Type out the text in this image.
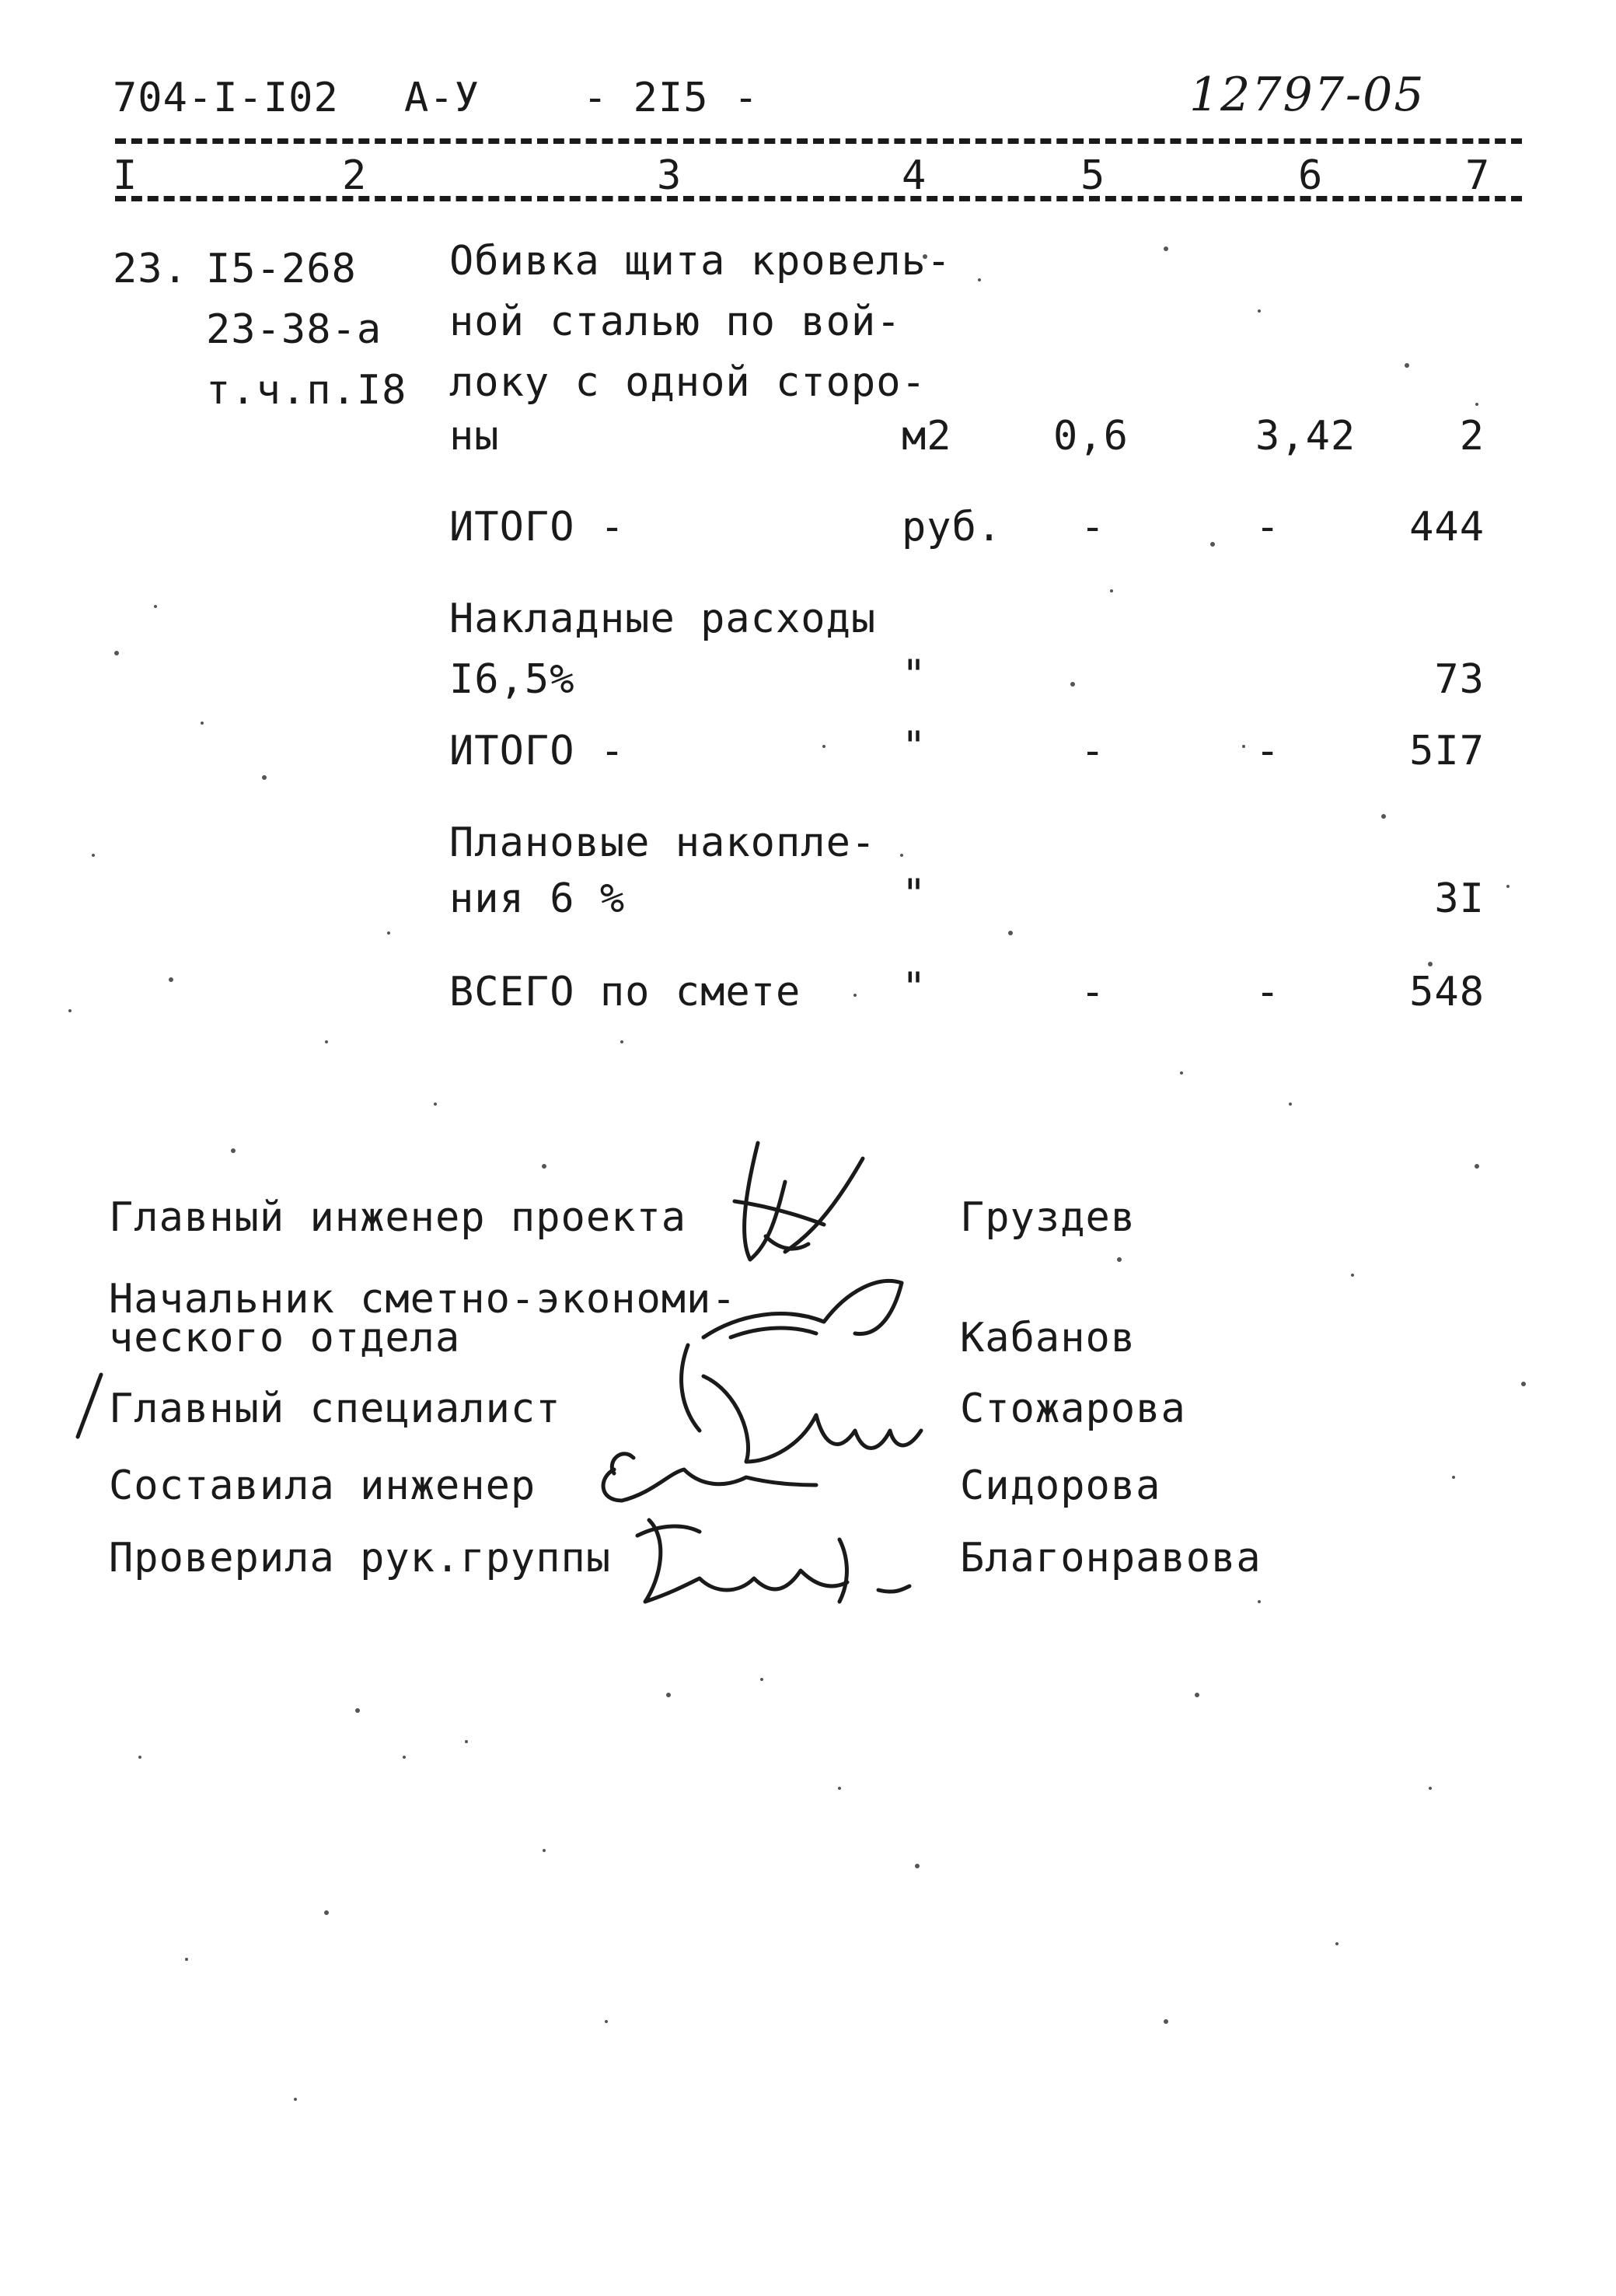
704-I-I02 А-У	- 2I5 -	12797-05
I	2	3	4	5	6	7
23. I5-268
23-38-а
т.ч.п.I8
Обивка щита кровель-
ной сталью по вой-
локу с одной сторо-
ны	м2	0,6	3,42	2
ИТОГО -	руб. -	-	444
Накладные расходы
I6,5%	"	73
ИТОГО -	"	-	-	5I7
Плановые накопле-
ния 6 %	"	3I
ВСЕГО по смете "	-	-	548
Главный инженер проекта	Груздев
Начальник сметно-экономи-
ческого отдела	Кабанов
Главный специалист	Стожарова
Составила инженер	Сидорова
Проверила рук.группы	Благонравова
